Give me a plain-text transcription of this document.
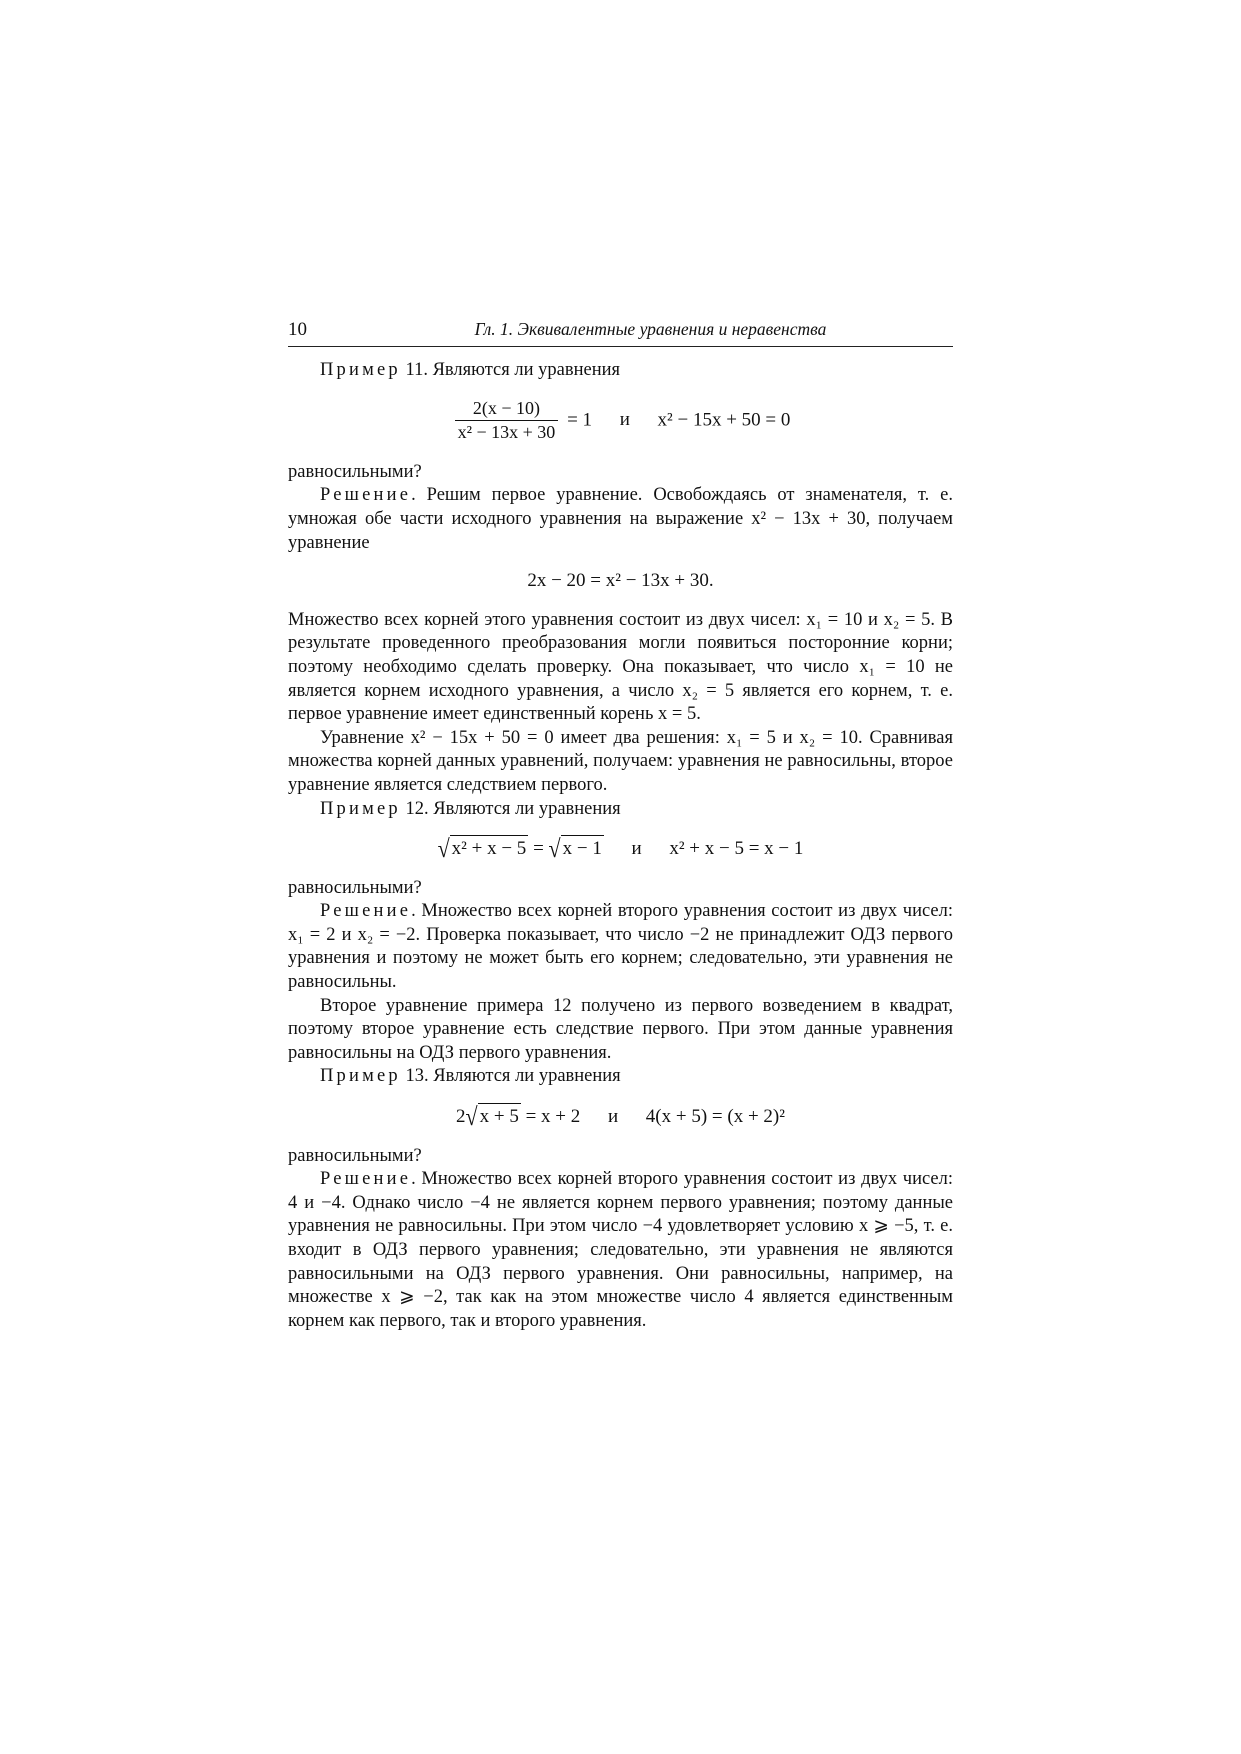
10	Гл. 1. Эквивалентные уравнения и неравенства

Пример 11. Являются ли уравнения

$\frac{2(x - 10)}{\text{x² − 13x + 30}} = 1$ и x² − 15x + 50 = 0

равносильными?

Решение. Решим первое уравнение. Освобождаясь от знаменателя, т. е. умножая обе части исходного уравнения на выражение x² − 13x + 30, получаем уравнение

2x − 20 = x² − 13x + 30.

Множество всех корней этого уравнения состоит из двух чисел: x₁ = 10 и x₂ = 5. В результате проведенного преобразования могли появиться посторонние корни; поэтому необходимо сделать проверку. Она показывает, что число x₁ = 10 не является корнем исходного уравнения, а число x₂ = 5 является его корнем, т. е. первое уравнение имеет единственный корень x = 5.

Уравнение x² − 15x + 50 = 0 имеет два решения: x₁ = 5 и x₂ = 10. Сравнивая множества корней данных уравнений, получаем: уравнения не равносильны, второе уравнение является следствием первого.

Пример 12. Являются ли уравнения

√ x² + x − 5 = √ x − 1 и x² + x − 5 = x − 1

равносильными?

Решение. Множество всех корней второго уравнения состоит из двух чисел: x₁ = 2 и x₂ = −2. Проверка показывает, что число −2 не принадлежит ОДЗ первого уравнения и поэтому не может быть его корнем; следовательно, эти уравнения не равносильны.

Второе уравнение примера 12 получено из первого возведением в квадрат, поэтому второе уравнение есть следствие первого. При этом данные уравнения равносильны на ОДЗ первого уравнения.

Пример 13. Являются ли уравнения

2√ x + 5 = x + 2 и 4(x + 5) = (x + 2)²

равносильными?

Решение. Множество всех корней второго уравнения состоит из двух чисел: 4 и −4. Однако число −4 не является корнем первого уравнения; поэтому данные уравнения не равносильны. При этом число −4 удовлетворяет условию x ⩾ −5, т. е. входит в ОДЗ первого уравнения; следовательно, эти уравнения не являются равносильными на ОДЗ первого уравнения. Они равносильны, например, на множестве x ⩾ −2, так как на этом множестве число 4 является единственным корнем как первого, так и второго уравнения.
